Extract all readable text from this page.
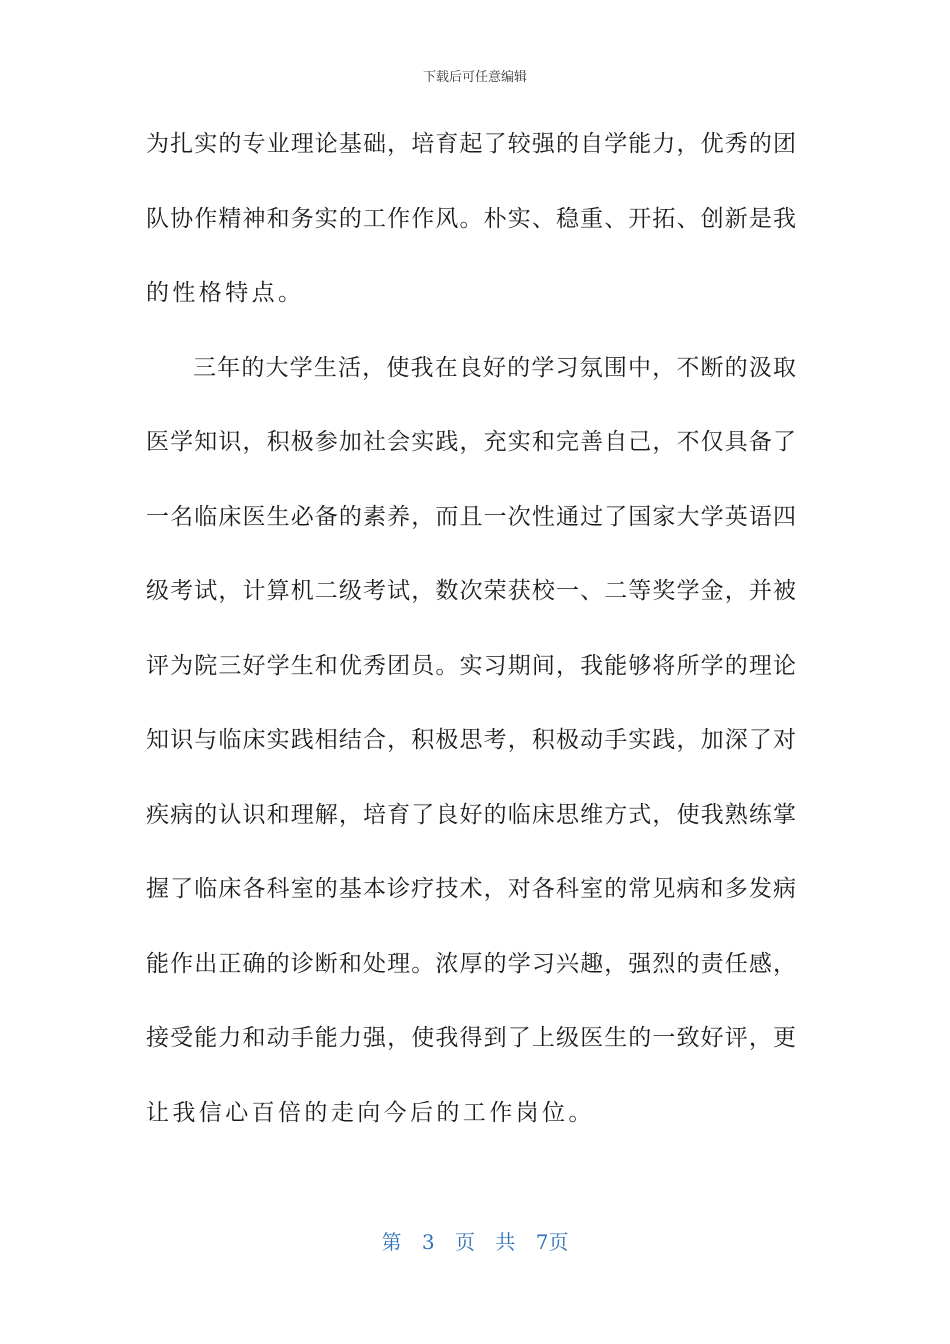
下载后可任意编辑
为扎实的专业理论基础，培育起了较强的自学能力，优秀的团
队协作精神和务实的工作作风。朴实、稳重、开拓、创新是我
的性格特点。
三年的大学生活，使我在良好的学习氛围中，不断的汲取
医学知识，积极参加社会实践，充实和完善自己，不仅具备了
一名临床医生必备的素养，而且一次性通过了国家大学英语四
级考试，计算机二级考试，数次荣获校一、二等奖学金，并被
评为院三好学生和优秀团员。实习期间，我能够将所学的理论
知识与临床实践相结合，积极思考，积极动手实践，加深了对
疾病的认识和理解，培育了良好的临床思维方式，使我熟练掌
握了临床各科室的基本诊疗技术，对各科室的常见病和多发病
能作出正确的诊断和处理。浓厚的学习兴趣，强烈的责任感，
接受能力和动手能力强，使我得到了上级医生的一致好评，更
让我信心百倍的走向今后的工作岗位。
第 3 页 共 7页
